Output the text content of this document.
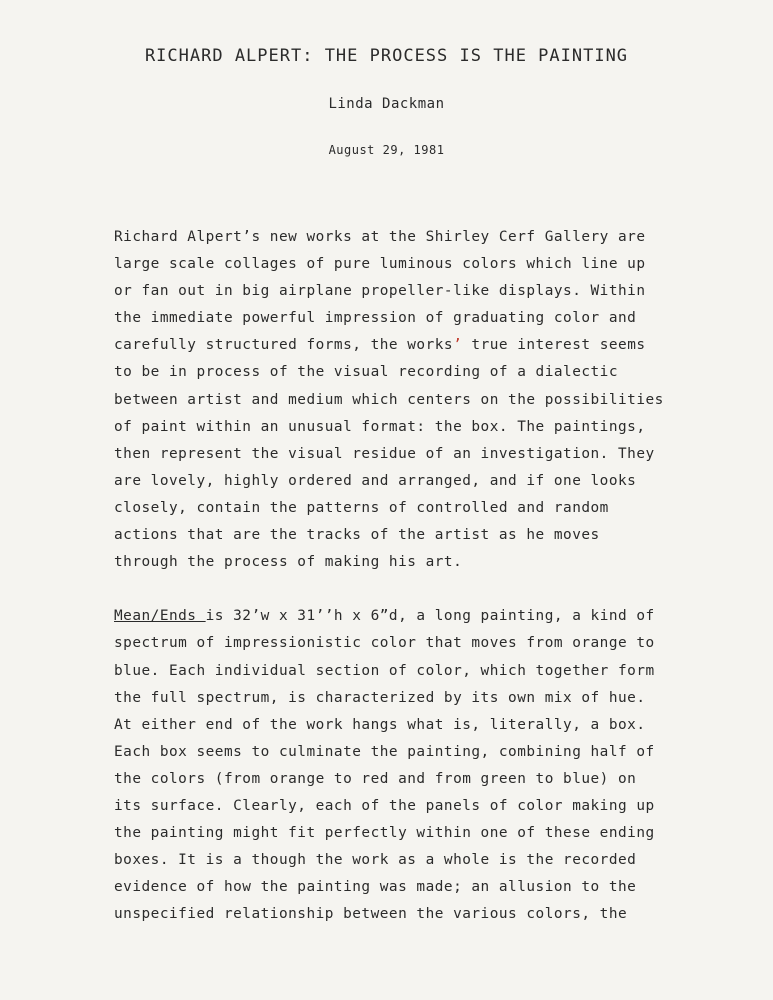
RICHARD ALPERT: THE PROCESS IS THE PAINTING
Linda Dackman
August 29, 1981
Richard Alpert’s new works at the Shirley Cerf Gallery are
large scale collages of pure luminous colors which line up
or fan out in big airplane propeller-like displays. Within
the immediate powerful impression of graduating color and
carefully structured forms, the works’ true interest seems
to be in process of the visual recording of a dialectic
between artist and medium which centers on the possibilities
of paint within an unusual format: the box. The paintings,
then represent the visual residue of an investigation. They
are lovely, highly ordered and arranged, and if one looks
closely, contain the patterns of controlled and random
actions that are the tracks of the artist as he moves
through the process of making his art.
Mean/Ends is 32’w x 31’’h x 6”d, a long painting, a kind of
spectrum of impressionistic color that moves from orange to
blue. Each individual section of color, which together form
the full spectrum, is characterized by its own mix of hue.
At either end of the work hangs what is, literally, a box.
Each box seems to culminate the painting, combining half of
the colors (from orange to red and from green to blue) on
its surface. Clearly, each of the panels of color making up
the painting might fit perfectly within one of these ending
boxes. It is a though the work as a whole is the recorded
evidence of how the painting was made; an allusion to the
unspecified relationship between the various colors, the
